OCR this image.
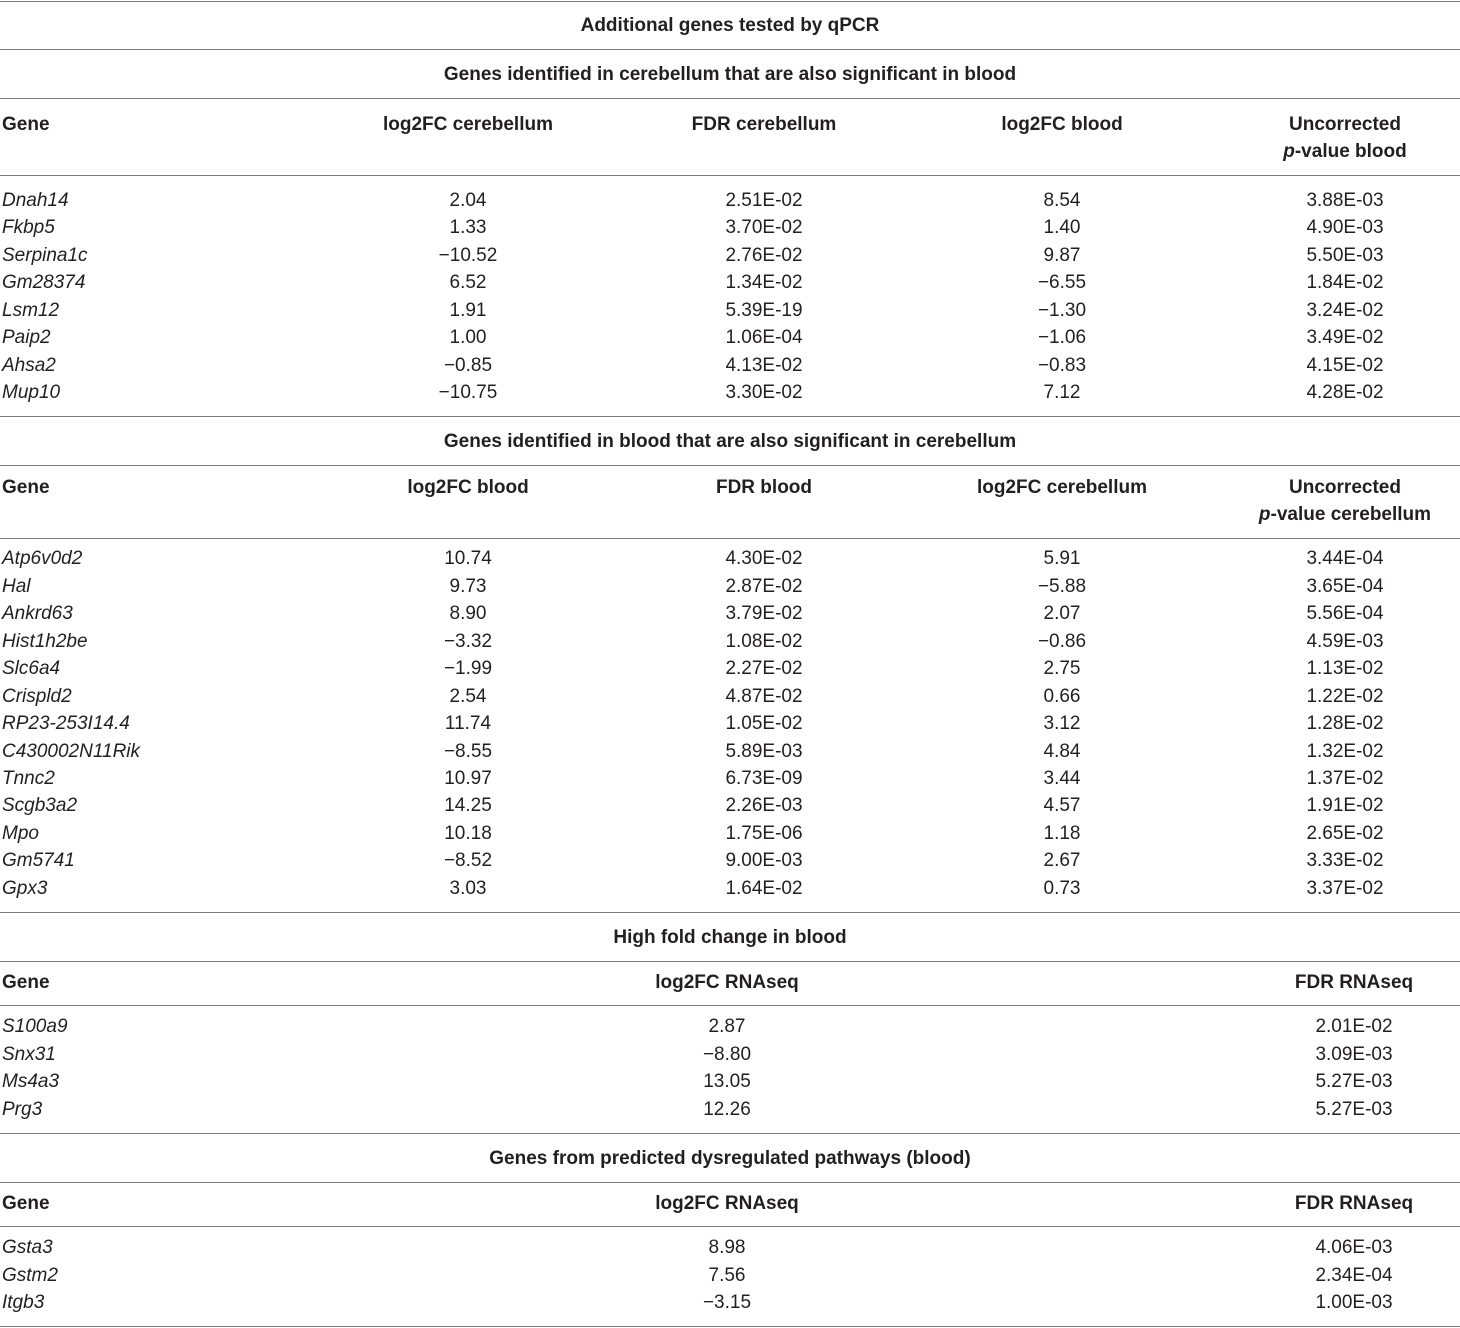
Additional genes tested by qPCR
Genes identified in cerebellum that are also significant in blood
Gene	log2FC cerebellum	FDR cerebellum	log2FC blood	Uncorrected
p-value blood
Dnah14	2.04	2.51E-02	8.54	3.88E-03
Fkbp5	1.33	3.70E-02	1.40	4.90E-03
Serpina1c	−10.52	2.76E-02	9.87	5.50E-03
Gm28374	6.52	1.34E-02	−6.55	1.84E-02
Lsm12	1.91	5.39E-19	−1.30	3.24E-02
Paip2	1.00	1.06E-04	−1.06	3.49E-02
Ahsa2	−0.85	4.13E-02	−0.83	4.15E-02
Mup10	−10.75	3.30E-02	7.12	4.28E-02
Genes identified in blood that are also significant in cerebellum
Gene	log2FC blood	FDR blood	log2FC cerebellum	Uncorrected
p-value cerebellum
Atp6v0d2	10.74	4.30E-02	5.91	3.44E-04
Hal	9.73	2.87E-02	−5.88	3.65E-04
Ankrd63	8.90	3.79E-02	2.07	5.56E-04
Hist1h2be	−3.32	1.08E-02	−0.86	4.59E-03
Slc6a4	−1.99	2.27E-02	2.75	1.13E-02
Crispld2	2.54	4.87E-02	0.66	1.22E-02
RP23-253I14.4	11.74	1.05E-02	3.12	1.28E-02
C430002N11Rik	−8.55	5.89E-03	4.84	1.32E-02
Tnnc2	10.97	6.73E-09	3.44	1.37E-02
Scgb3a2	14.25	2.26E-03	4.57	1.91E-02
Mpo	10.18	1.75E-06	1.18	2.65E-02
Gm5741	−8.52	9.00E-03	2.67	3.33E-02
Gpx3	3.03	1.64E-02	0.73	3.37E-02
High fold change in blood
Gene	log2FC RNAseq	FDR RNAseq
S100a9	2.87	2.01E-02
Snx31	−8.80	3.09E-03
Ms4a3	13.05	5.27E-03
Prg3	12.26	5.27E-03
Genes from predicted dysregulated pathways (blood)
Gene	log2FC RNAseq	FDR RNAseq
Gsta3	8.98	4.06E-03
Gstm2	7.56	2.34E-04
Itgb3	−3.15	1.00E-03
